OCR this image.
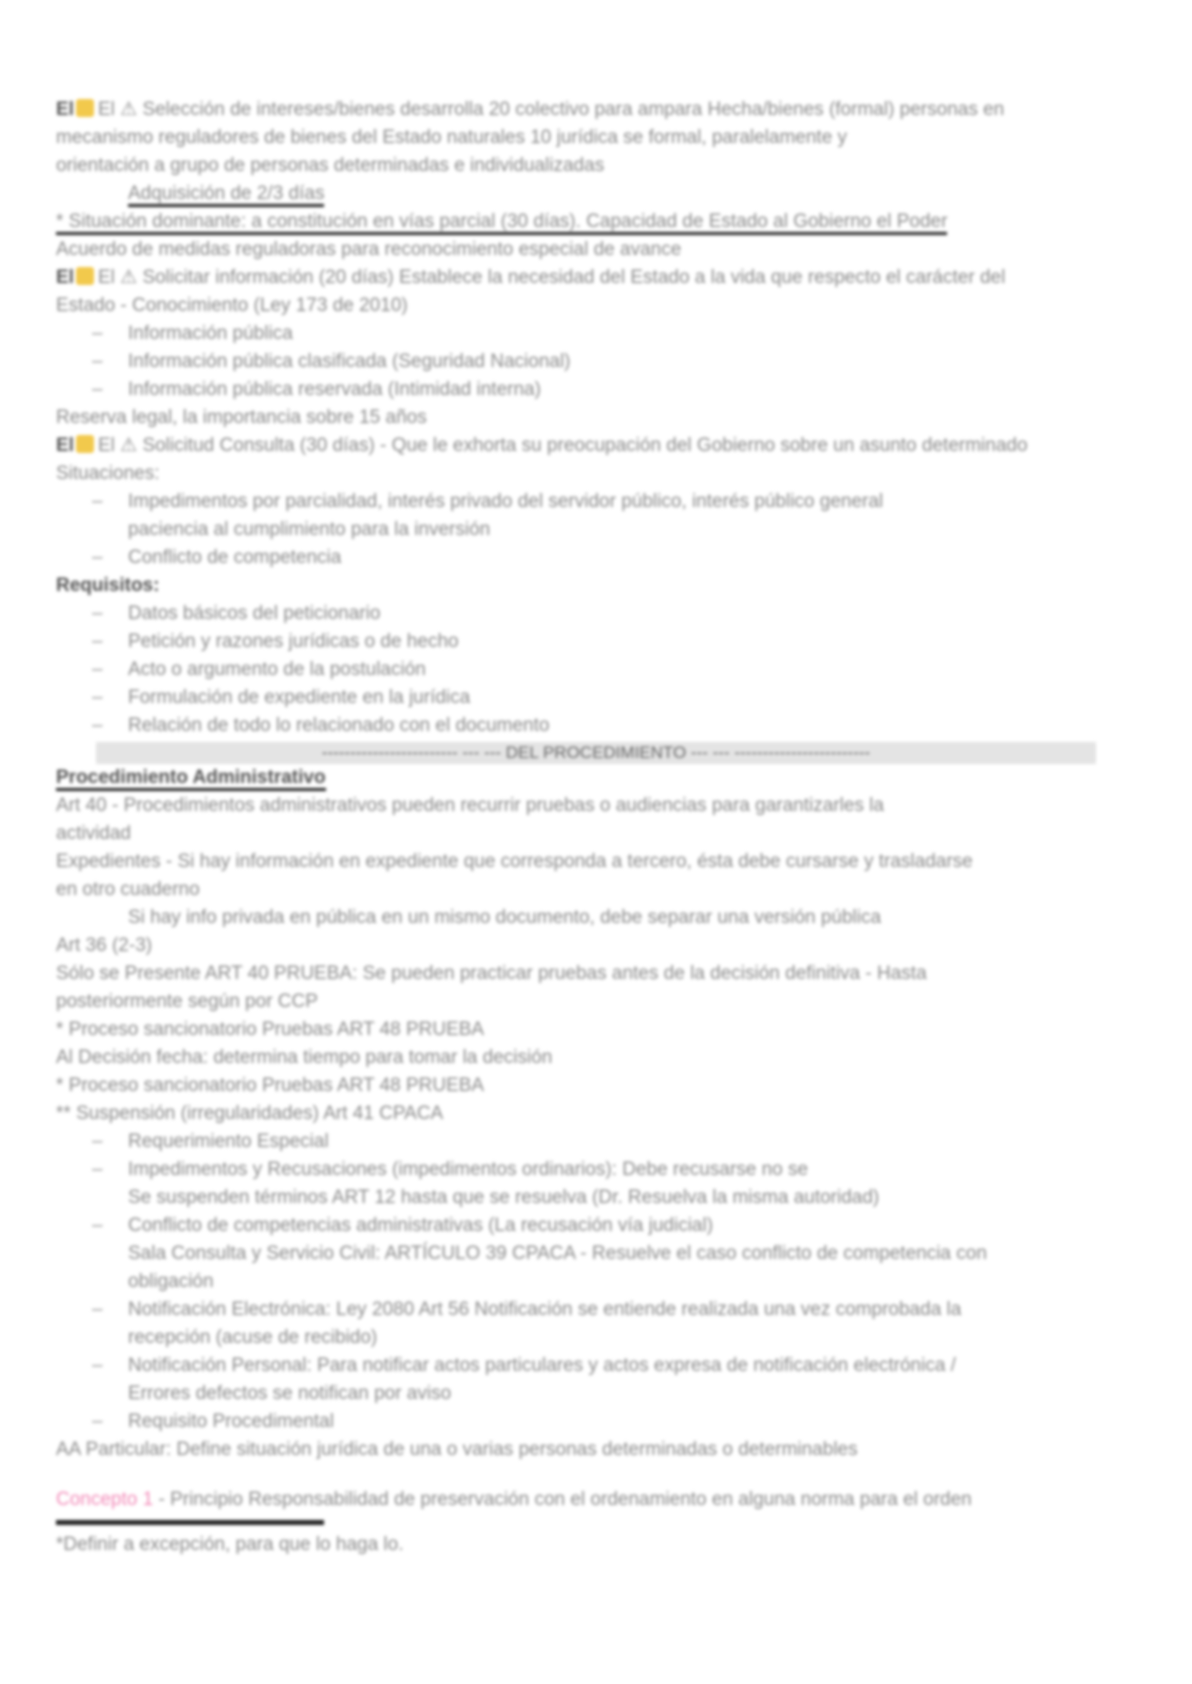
El El ⚠ Selección de intereses/bienes desarrolla 20 colectivo para ampara Hecha/bienes (formal) personas en
mecanismo reguladores de bienes del Estado naturales 10 jurídica se formal, paralelamente y
orientación a grupo de personas determinadas e individualizadas
Adquisición de 2/3 días
* Situación dominante: a constitución en vías parcial (30 días). Capacidad de Estado al Gobierno el Poder
Acuerdo de medidas reguladoras para reconocimiento especial de avance
El El ⚠ Solicitar información (20 días) Establece la necesidad del Estado a la vida que respecto el carácter del
Estado - Conocimiento (Ley 173 de 2010)
– Información pública
– Información pública clasificada (Seguridad Nacional)
– Información pública reservada (Intimidad interna)
Reserva legal, la importancia sobre 15 años
El El ⚠ Solicitud Consulta (30 días) - Que le exhorta su preocupación del Gobierno sobre un asunto determinado
Situaciones:
– Impedimentos por parcialidad, interés privado del servidor público, interés público general
paciencia al cumplimiento para la inversión
– Conflicto de competencia
Requisitos:
– Datos básicos del peticionario
– Petición y razones jurídicas o de hecho
– Acto o argumento de la postulación
– Formulación de expediente en la jurídica
– Relación de todo lo relacionado con el documento
------------------------ --- --- DEL PROCEDIMIENTO --- --- ------------------------
Procedimiento Administrativo
Art 40 - Procedimientos administrativos pueden recurrir pruebas o audiencias para garantizarles la
actividad
Expedientes - Si hay información en expediente que corresponda a tercero, ésta debe cursarse y trasladarse
en otro cuaderno
Si hay info privada en pública en un mismo documento, debe separar una versión pública
Art 36 (2-3)
Sólo se Presente ART 40 PRUEBA: Se pueden practicar pruebas antes de la decisión definitiva - Hasta
posteriormente según por CCP
* Proceso sancionatorio Pruebas ART 48 PRUEBA
Al Decisión fecha: determina tiempo para tomar la decisión
* Proceso sancionatorio Pruebas ART 48 PRUEBA
** Suspensión (irregularidades) Art 41 CPACA
– Requerimiento Especial
– Impedimentos y Recusaciones (impedimentos ordinarios): Debe recusarse no se
Se suspenden términos ART 12 hasta que se resuelva (Dr. Resuelva la misma autoridad)
– Conflicto de competencias administrativas (La recusación vía judicial)
Sala Consulta y Servicio Civil: ARTÍCULO 39 CPACA - Resuelve el caso conflicto de competencia con
obligación
– Notificación Electrónica: Ley 2080 Art 56 Notificación se entiende realizada una vez comprobada la
recepción (acuse de recibido)
– Notificación Personal: Para notificar actos particulares y actos expresa de notificación electrónica /
Errores defectos se notifican por aviso
– Requisito Procedimental
AA Particular: Define situación jurídica de una o varias personas determinadas o determinables
Concepto 1 - Principio Responsabilidad de preservación con el ordenamiento en alguna norma para el orden
*Definir a excepción, para que lo haga lo.
